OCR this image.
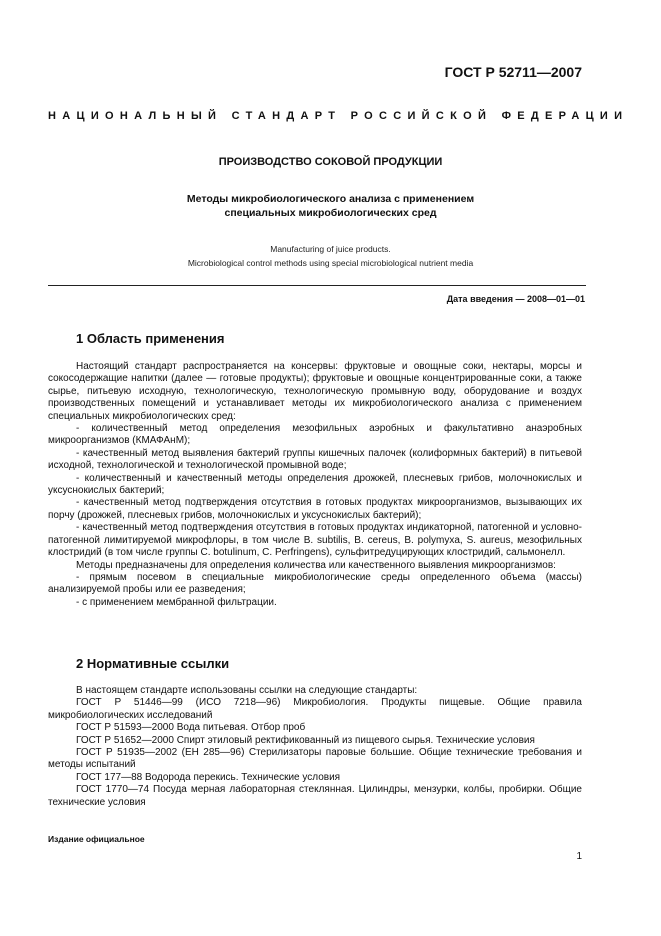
ГОСТ Р 52711—2007
НАЦИОНАЛЬНЫЙ СТАНДАРТ РОССИЙСКОЙ ФЕДЕРАЦИИ
ПРОИЗВОДСТВО СОКОВОЙ ПРОДУКЦИИ
Методы микробиологического анализа с применением
специальных микробиологических сред
Manufacturing of juice products.
Microbiological control methods using special microbiological nutrient media
Дата введения — 2008—01—01
1 Область применения

Настоящий стандарт распространяется на консервы: фруктовые и овощные соки, нектары, морсы и сокосодержащие напитки (далее — готовые продукты); фруктовые и овощные концентрированные соки, а также сырье, питьевую исходную, технологическую, технологическую промывную воду, оборудование и воздух производственных помещений и устанавливает методы их микробиологического анализа с применением специальных микробиологических сред:

- количественный метод определения мезофильных аэробных и факультативно анаэробных микроорганизмов (КМАФАнМ);

- качественный метод выявления бактерий группы кишечных палочек (колиформных бактерий) в питьевой исходной, технологической и технологической промывной воде;

- количественный и качественный методы определения дрожжей, плесневых грибов, молочнокислых и уксуснокислых бактерий;

- качественный метод подтверждения отсутствия в готовых продуктах микроорганизмов, вызывающих их порчу (дрожжей, плесневых грибов, молочнокислых и уксуснокислых бактерий);

- качественный метод подтверждения отсутствия в готовых продуктах индикаторной, патогенной и условно-патогенной лимитируемой микрофлоры, в том числе B. subtilis, B. cereus, B. polymyxa, S. aureus, мезофильных клостридий (в том числе группы C. botulinum, C. Perfringens), сульфитредуцирующих клостридий, сальмонелл.

Методы предназначены для определения количества или качественного выявления микроорганизмов:

- прямым посевом в специальные микробиологические среды определенного объема (массы) анализируемой пробы или ее разведения;

- с применением мембранной фильтрации.

2 Нормативные ссылки

В настоящем стандарте использованы ссылки на следующие стандарты:

ГОСТ Р 51446—99 (ИСО 7218—96) Микробиология. Продукты пищевые. Общие правила микробиологических исследований

ГОСТ Р 51593—2000 Вода питьевая. Отбор проб

ГОСТ Р 51652—2000 Спирт этиловый ректификованный из пищевого сырья. Технические условия

ГОСТ Р 51935—2002 (ЕН 285—96) Стерилизаторы паровые большие. Общие технические требования и методы испытаний

ГОСТ 177—88 Водорода перекись. Технические условия

ГОСТ 1770—74 Посуда мерная лабораторная стеклянная. Цилиндры, мензурки, колбы, пробирки. Общие технические условия

Издание официальное
1
